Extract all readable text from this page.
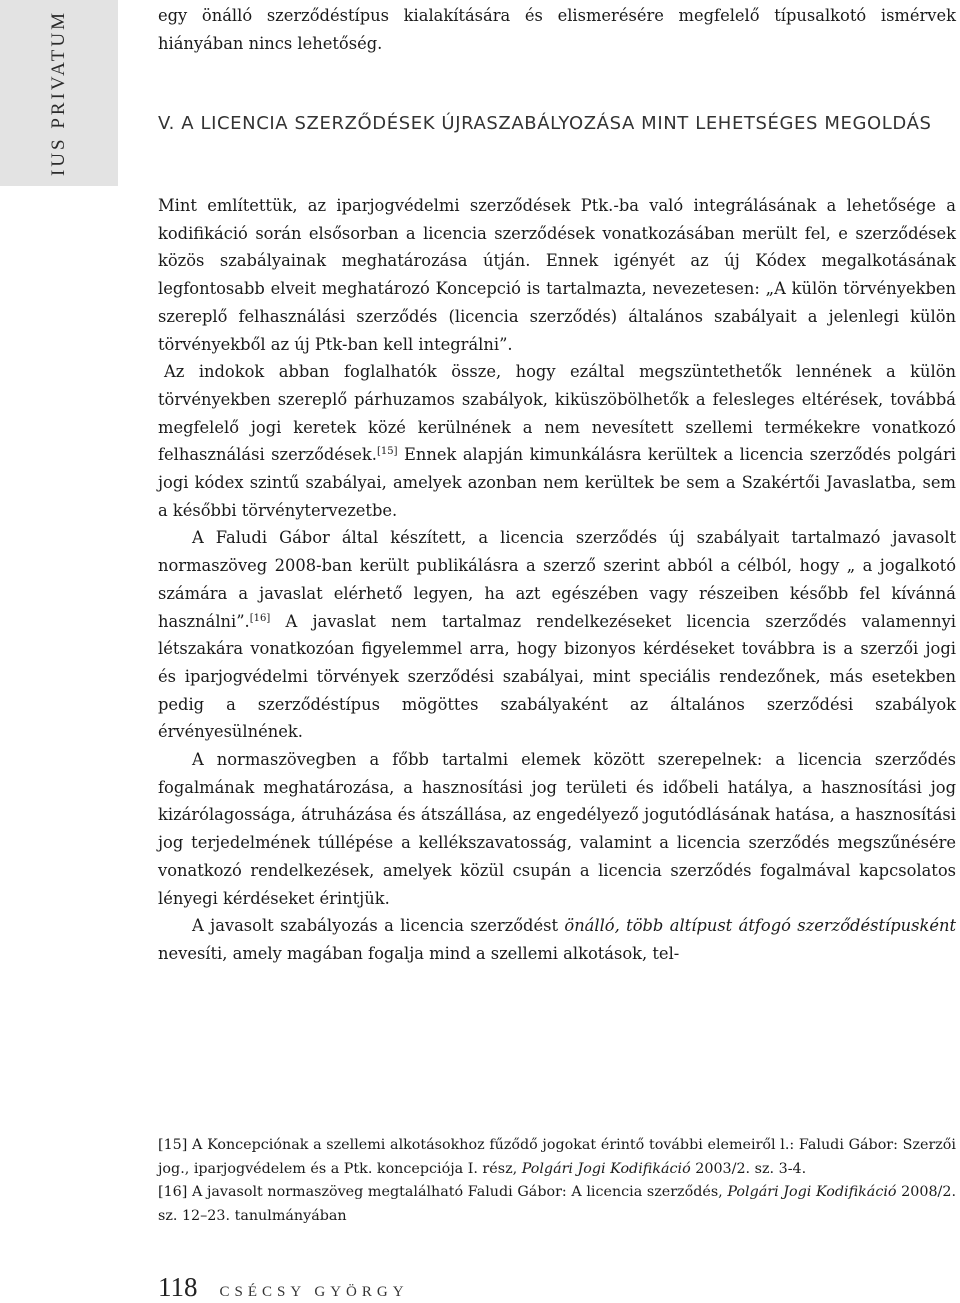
IUS PRIVATUM	egy önálló szerződéstípus kialakítására és elismerésére megfelelő típusalkotó ismérvek hiányában nincs lehetőség.

V. A LICENCIA SZERZŐDÉSEK ÚJRASZABÁLYOZÁSA MINT LEHETSÉGES MEGOLDÁS

Mint említettük, az iparjogvédelmi szerződések Ptk.-ba való integrálásának a lehetősége a kodifikáció során elsősorban a licencia szerződések vonatkozásában merült fel, e szerződések közös szabályainak meghatározása útján. Ennek igényét az új Kódex megalkotásának legfontosabb elveit meghatározó Koncepció is tartalmazta, nevezetesen: „A külön törvényekben szereplő felhasználási szerződés (licencia szerződés) általános szabályait a jelenlegi külön törvényekből az új Ptk-ban kell integrálni”.

Az indokok abban foglalhatók össze, hogy ezáltal megszüntethetők lennének a külön törvényekben szereplő párhuzamos szabályok, kiküszöbölhetők a felesleges eltérések, továbbá megfelelő jogi keretek közé kerülnének a nem nevesített szellemi termékekre vonatkozó felhasználási szerződések.[15] Ennek alapján kimunkálásra kerültek a licencia szerződés polgári jogi kódex szintű szabályai, amelyek azonban nem kerültek be sem a Szakértői Javaslatba, sem a későbbi törvénytervezetbe.

A Faludi Gábor által készített, a licencia szerződés új szabályait tartalmazó javasolt normaszöveg 2008-ban került publikálásra a szerző szerint abból a célból, hogy „ a jogalkotó számára a javaslat elérhető legyen, ha azt egészében vagy részeiben később fel kívánná használni”.[16] A javaslat nem tartalmaz rendelkezéseket licencia szerződés valamennyi létszakára vonatkozóan figyelemmel arra, hogy bizonyos kérdéseket továbbra is a szerzői jogi és iparjogvédelmi törvények szerződési szabályai, mint speciális rendezőnek, más esetekben pedig a szerződéstípus mögöttes szabályaként az általános szerződési szabályok érvényesülnének.

A normaszövegben a főbb tartalmi elemek között szerepelnek: a licencia szerződés fogalmának meghatározása, a hasznosítási jog területi és időbeli hatálya, a hasznosítási jog kizárólagossága, átruházása és átszállása, az engedélyező jogutódlásának hatása, a hasznosítási jog terjedelmének túllépése a kellékszavatosság, valamint a licencia szerződés megszűnésére vonatkozó rendelkezések, amelyek közül csupán a licencia szerződés fogalmával kapcsolatos lényegi kérdéseket érintjük.

A javasolt szabályozás a licencia szerződést önálló, több altípust átfogó szerződéstípusként nevesíti, amely magában fogalja mind a szellemi alkotások, tel-

[15] A Koncepciónak a szellemi alkotásokhoz fűződő jogokat érintő további elemeiről l.: Faludi Gábor: Szerzői jog., iparjogvédelem és a Ptk. koncepciója I. rész, Polgári Jogi Kodifikáció 2003/2. sz. 3-4.

[16] A javasolt normaszöveg megtalálható Faludi Gábor: A licencia szerződés, Polgári Jogi Kodifikáció 2008/2. sz. 12–23. tanulmányában

118 CSÉCSY GYÖRGY
